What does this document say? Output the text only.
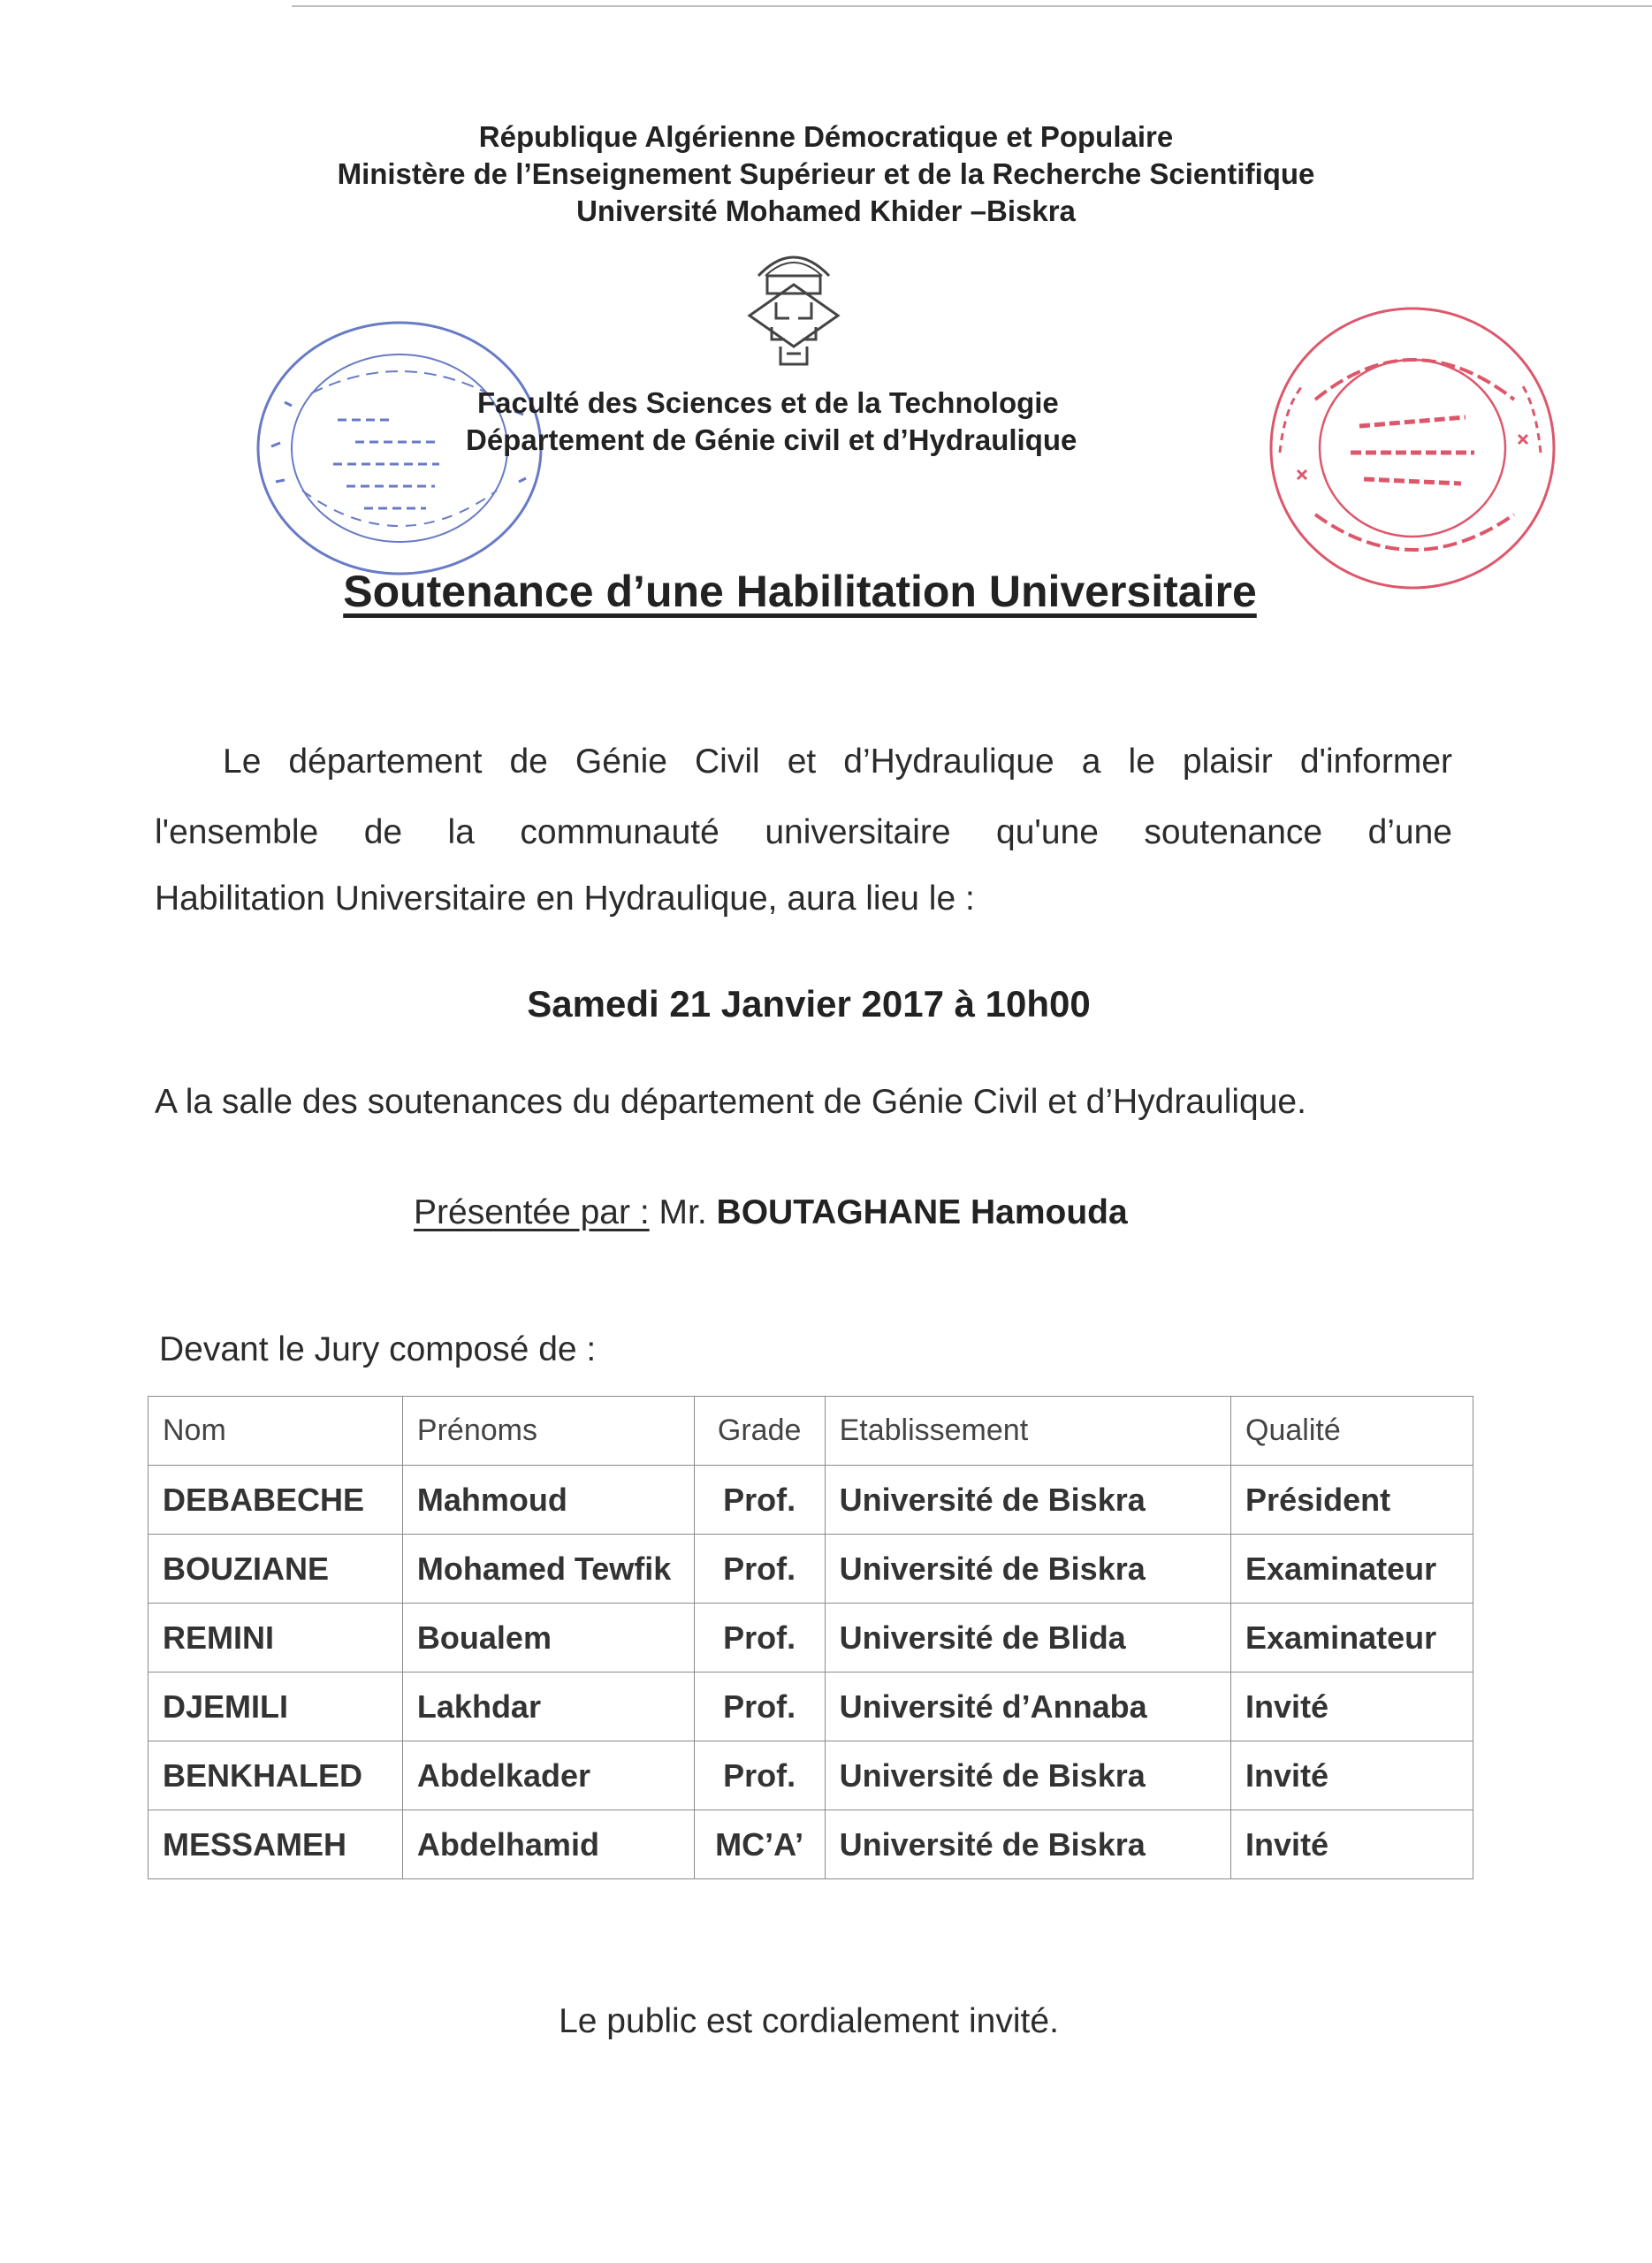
République Algérienne Démocratique et Populaire
Ministère de l’Enseignement Supérieur et de la Recherche Scientifique
Université Mohamed Khider –Biskra
Faculté des Sciences et de la Technologie
Département de Génie civil et d’Hydraulique
Soutenance d’une Habilitation Universitaire
Le département de Génie Civil et d’Hydraulique a le plaisir d'informer
l'ensemble de la communauté universitaire qu'une soutenance d’une
Habilitation Universitaire en Hydraulique, aura lieu le :
Samedi 21 Janvier 2017 à 10h00
A la salle des soutenances du département de Génie Civil et d’Hydraulique.
Présentée par : Mr. BOUTAGHANE Hamouda
Devant le Jury composé de :
Nom	Prénoms	Grade	Etablissement	Qualité
DEBABECHE	Mahmoud	Prof.	Université de Biskra	Président
BOUZIANE	Mohamed Tewfik	Prof.	Université de Biskra	Examinateur
REMINI	Boualem	Prof.	Université de Blida	Examinateur
DJEMILI	Lakhdar	Prof.	Université d’Annaba	Invité
BENKHALED	Abdelkader	Prof.	Université de Biskra	Invité
MESSAMEH	Abdelhamid	MC’A’	Université de Biskra	Invité
Le public est cordialement invité.
